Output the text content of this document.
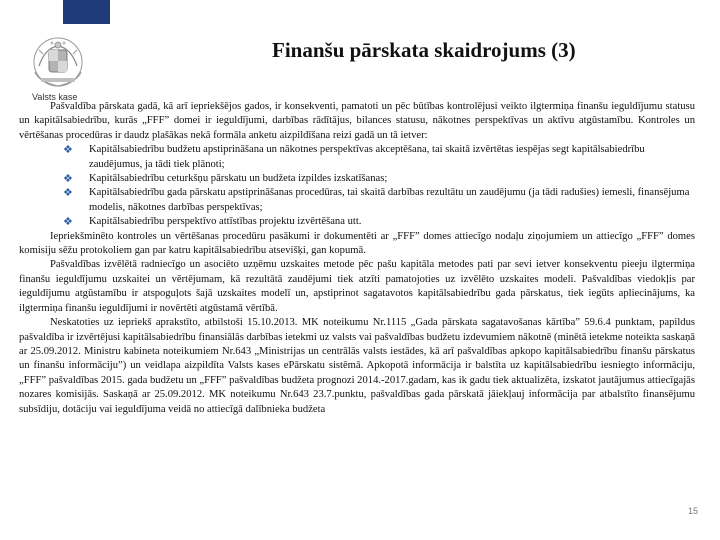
Valsts kase
Finanšu pārskata skaidrojums (3)

Pašvaldība pārskata gadā, kā arī iepriekšējos gados, ir konsekventi, pamatoti un pēc būtības kontrolējusi veikto ilgtermiņa finanšu ieguldījumu statusu un kapitālsabiedrību, kurās „FFF” domei ir ieguldījumi, darbības rādītājus, bilances statusu, nākotnes perspektīvas un aktīvu atgūstamību. Kontroles un vērtēšanas procedūras ir daudz plašākas nekā formāla anketu aizpildīšana reizi gadā un tā ietver:

❖ Kapitālsabiedrību budžetu apstiprināšana un nākotnes perspektīvas akceptēšana, tai skaitā izvērtētas iespējas segt kapitālsabiedrību zaudējumus, ja tādi tiek plānoti;
❖ Kapitālsabiedrību ceturkšņu pārskatu un budžeta izpildes izskatīšanas;
❖ Kapitālsabiedrību gada pārskatu apstiprināšanas procedūras, tai skaitā darbības rezultātu un zaudējumu (ja tādi radušies) iemesli, finansējuma modelis, nākotnes darbības perspektīvas;
❖ Kapitālsabiedrību perspektīvo attīstības projektu izvērtēšana utt.

Iepriekšminēto kontroles un vērtēšanas procedūru pasākumi ir dokumentēti ar „FFF” domes attiecīgo nodaļu ziņojumiem un attiecīgo „FFF” domes komisiju sēžu protokoliem gan par katru kapitālsabiedrību atsevišķi, gan kopumā.

Pašvaldības izvēlētā radniecīgo un asociēto uzņēmu uzskaites metode pēc pašu kapitāla metodes pati par sevi ietver konsekventu pieeju ilgtermiņa finanšu ieguldījumu uzskaitei un vērtējumam, kā rezultātā zaudējumi tiek atzīti pamatojoties uz izvēlēto uzskaites modeli. Pašvaldības viedokļis par ieguldījumu atgūstamību ir atspoguļots šajā uzskaites modelī un, apstiprinot sagatavotos kapitālsabiedrību gada pārskatus, tiek iegūts apliecinājums, ka ilgtermiņa finanšu ieguldījumi ir novērtēti atgūstamā vērtībā.

Neskatoties uz iepriekš aprakstīto, atbilstoši 15.10.2013. MK noteikumu Nr.1115 „Gada pārskata sagatavošanas kārtība” 59.6.4 punktam, papildus pašvaldība ir izvērtējusi kapitālsabiedrību finansiālās darbības ietekmi uz valsts vai pašvaldības budžetu izdevumiem nākotnē (minētā ietekme noteikta saskaņā ar 25.09.2012. Ministru kabineta noteikumiem Nr.643 „Ministrijas un centrālās valsts iestādes, kā arī pašvaldības apkopo kapitālsabiedrību finanšu pārskatus un finanšu informāciju”) un veidlapa aizpildīta Valsts kases ePārskatu sistēmā. Apkopotā informācija ir balstīta uz kapitālsabiedrību iesniegto informāciju, „FFF” pašvaldības 2015. gada budžetu un „FFF” pašvaldības budžeta prognozi 2014.-2017.gadam, kas ik gadu tiek aktualizēta, izskatot jautājumus attiecīgajās nozares komisijās. Saskaņā ar 25.09.2012. MK noteikumu Nr.643 23.7.punktu, pašvaldības gada pārskatā jāiekļauj informācija par atbalstīto finansējumu subsīdiju, dotāciju vai ieguldījuma veidā no attiecīgā dalībnieka budžeta

15
